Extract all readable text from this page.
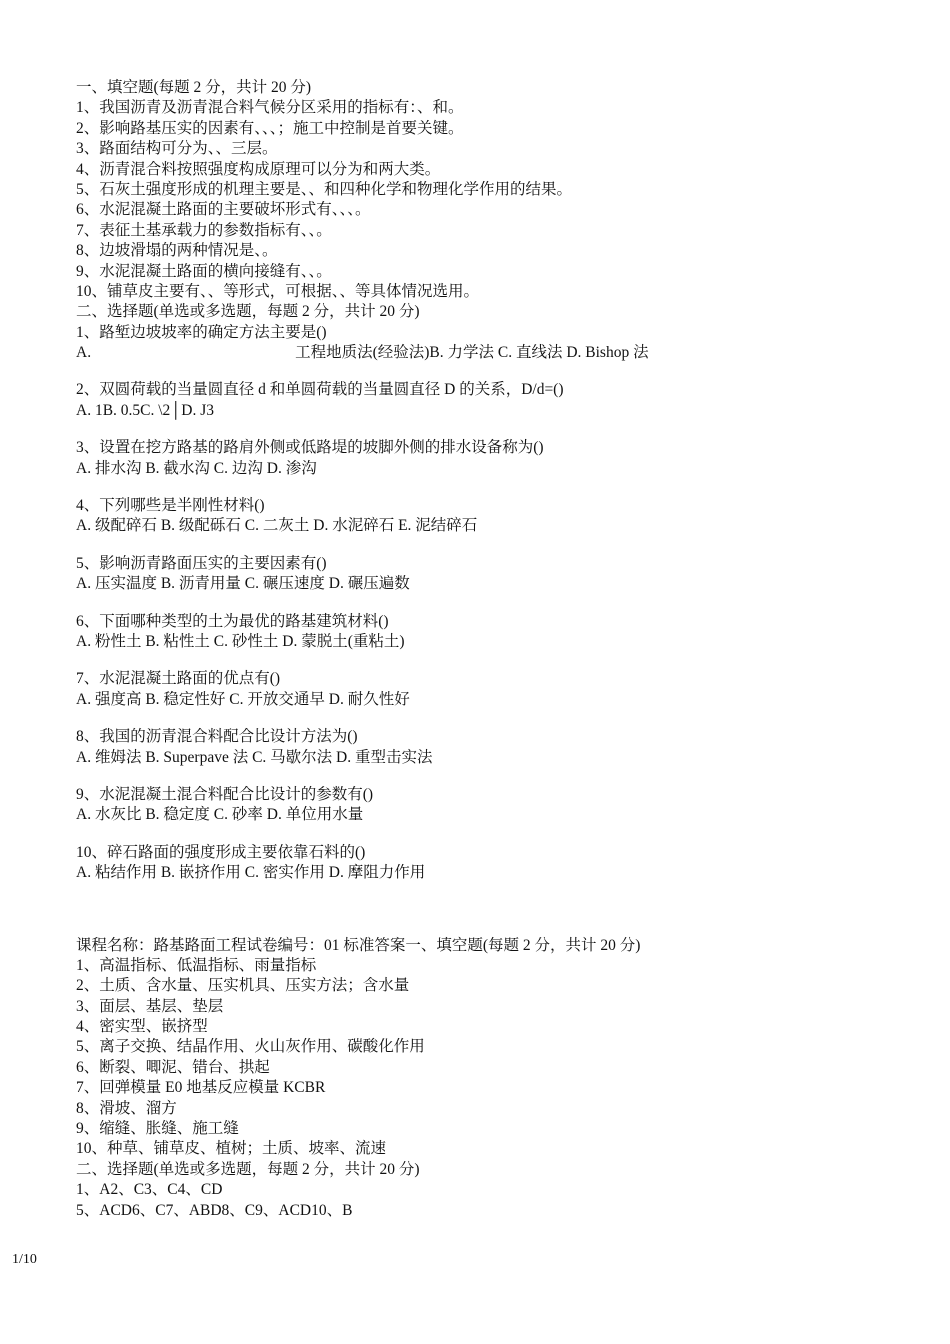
一、填空题(每题 2 分，共计 20 分)
1、我国沥青及沥青混合料气候分区采用的指标有：、和。
2、影响路基压实的因素有、、、；施工中控制是首要关键。
3、路面结构可分为、、三层。
4、沥青混合料按照强度构成原理可以分为和两大类。
5、石灰土强度形成的机理主要是、、和四种化学和物理化学作用的结果。
6、水泥混凝土路面的主要破坏形式有、、、。
7、表征土基承载力的参数指标有、、。
8、边坡滑塌的两种情况是、。
9、水泥混凝土路面的横向接缝有、、。
10、铺草皮主要有、、等形式，可根据、、等具体情况选用。
二、选择题(单选或多选题，每题 2 分，共计 20 分)
1、路堑边坡坡率的确定方法主要是()
A.	工程地质法(经验法)B. 力学法 C. 直线法 D. Bishop 法
2、双圆荷载的当量圆直径 d 和单圆荷载的当量圆直径 D 的关系，D/d=()
A. 1B. 0.5C. \2│D. J3
3、设置在挖方路基的路肩外侧或低路堤的坡脚外侧的排水设备称为()
A. 排水沟 B. 截水沟 C. 边沟 D. 渗沟
4、下列哪些是半刚性材料()
A. 级配碎石 B. 级配砾石 C. 二灰土 D. 水泥碎石 E. 泥结碎石
5、影响沥青路面压实的主要因素有()
A. 压实温度 B. 沥青用量 C. 碾压速度 D. 碾压遍数
6、下面哪种类型的土为最优的路基建筑材料()
A. 粉性土 B. 粘性土 C. 砂性土 D. 蒙脱土(重粘土)
7、水泥混凝土路面的优点有()
A. 强度高 B. 稳定性好 C. 开放交通早 D. 耐久性好
8、我国的沥青混合料配合比设计方法为()
A. 维姆法 B. Superpave 法 C. 马歇尔法 D. 重型击实法
9、水泥混凝土混合料配合比设计的参数有()
A. 水灰比 B. 稳定度 C. 砂率 D. 单位用水量
10、碎石路面的强度形成主要依靠石料的()
A. 粘结作用 B. 嵌挤作用 C. 密实作用 D. 摩阻力作用
课程名称：路基路面工程试卷编号：01 标准答案一、填空题(每题 2 分，共计 20 分)
1、高温指标、低温指标、雨量指标
2、土质、含水量、压实机具、压实方法；含水量
3、面层、基层、垫层
4、密实型、嵌挤型
5、离子交换、结晶作用、火山灰作用、碳酸化作用
6、断裂、唧泥、错台、拱起
7、回弹模量 E0 地基反应模量 KCBR
8、滑坡、溜方
9、缩缝、胀缝、施工缝
10、种草、铺草皮、植树；土质、坡率、流速
二、选择题(单选或多选题，每题 2 分，共计 20 分)
1、A2、C3、C4、CD
5、ACD6、C7、ABD8、C9、ACD10、B
1/10
